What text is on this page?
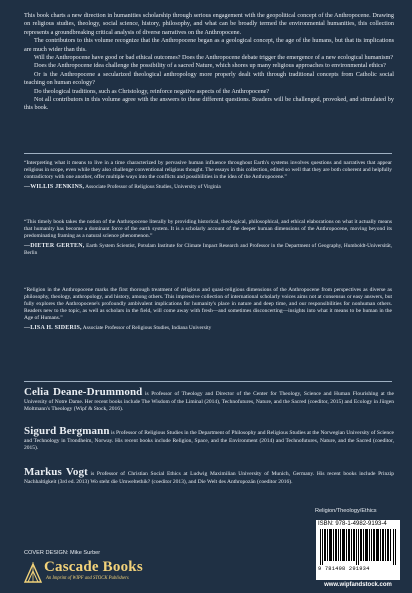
This book charts a new direction in humanities scholarship through serious engagement with the geopolitical concept of the Anthropocene. Drawing on religious studies, theology, social science, history, philosophy, and what can be broadly termed the environmental humanities, this collection represents a groundbreaking critical analysis of diverse narratives on the Anthropocene.

The contributors to this volume recognize that the Anthropocene began as a geological concept, the age of the humans, but that its implications are much wider than this.

Will the Anthropocene have good or bad ethical outcomes? Does the Anthropocene debate trigger the emergence of a new ecological humanism?

Does the Anthropocene idea challenge the possibility of a sacred Nature, which shores up many religious approaches to environmental ethics?

Or is the Anthropocene a secularized theological anthropology more properly dealt with through traditional concepts from Catholic social teaching on human ecology?

Do theological traditions, such as Christology, reinforce negative aspects of the Anthropocene?

Not all contributors in this volume agree with the answers to these different questions. Readers will be challenged, provoked, and stimulated by this book.

“Interpreting what it means to live in a time characterized by pervasive human influence throughout Earth's systems involves questions and narratives that appear religious in scope, even while they also challenge conventional religious thought. The essays in this collection, edited so well that they are both coherent and helpfully contradictory with one another, offer multiple ways into the conflicts and possibilities in the idea of the Anthropocene.”

—WILLIS JENKINS, Associate Professor of Religious Studies, University of Virginia

“This timely book takes the notion of the Anthropocene literally by providing historical, theological, philosophical, and ethical elaborations on what it actually means that humanity has become a dominant force of the earth system. It is a scholarly account of the deeper human dimensions of the Anthropocene, moving beyond its predominating framing as a natural science phenomenon.”

—DIETER GERTEN, Earth System Scientist, Potsdam Institute for Climate Impact Research and Professor in the Department of Geography, Humboldt-Universität, Berlin

“Religion in the Anthropocene marks the first thorough treatment of religious and quasi-religious dimensions of the Anthropocene from perspectives as diverse as philosophy, theology, anthropology, and history, among others. This impressive collection of international scholarly voices aims not at consensus or easy answers, but fully explores the Anthropocene's profoundly ambivalent implications for humanity's place in nature and deep time, and our responsibilities for nonhuman others. Readers new to the topic, as well as scholars in the field, will come away with fresh—and sometimes disconcerting—insights into what it means to be human in the Age of Humans.”

—LISA H. SIDERIS, Associate Professor of Religious Studies, Indiana University

Celia Deane-Drummond is Professor of Theology and Director of the Center for Theology, Science and Human Flourishing at the University of Notre Dame. Her recent books include The Wisdom of the Liminal (2014), Technofutures, Nature, and the Sacred (coeditor, 2015) and Ecology in Jürgen Moltmann's Theology (Wipf & Stock, 2016).
Sigurd Bergmann is Professor of Religious Studies in the Department of Philosophy and Religious Studies at the Norwegian University of Science and Technology in Trondheim, Norway. His recent books include Religion, Space, and the Environment (2014) and Technofutures, Nature, and the Sacred (coeditor, 2015).
Markus Vogt is Professor of Christian Social Ethics at Ludwig Maximilian University of Munich, Germany. His recent books include Prinzip Nachhaltigkeit (3rd ed. 2013) Wo steht die Umweltethik? (coeditor 2013), and Die Welt des Anthropozän (coeditor 2016).
Religion/Theology/Ethics
ISBN: 978-1-4982-9193-4
9 781498 291934
www.wipfandstock.com
COVER DESIGN: Mike Surber
Cascade Books
An Imprint of WIPF and STOCK Publishers
